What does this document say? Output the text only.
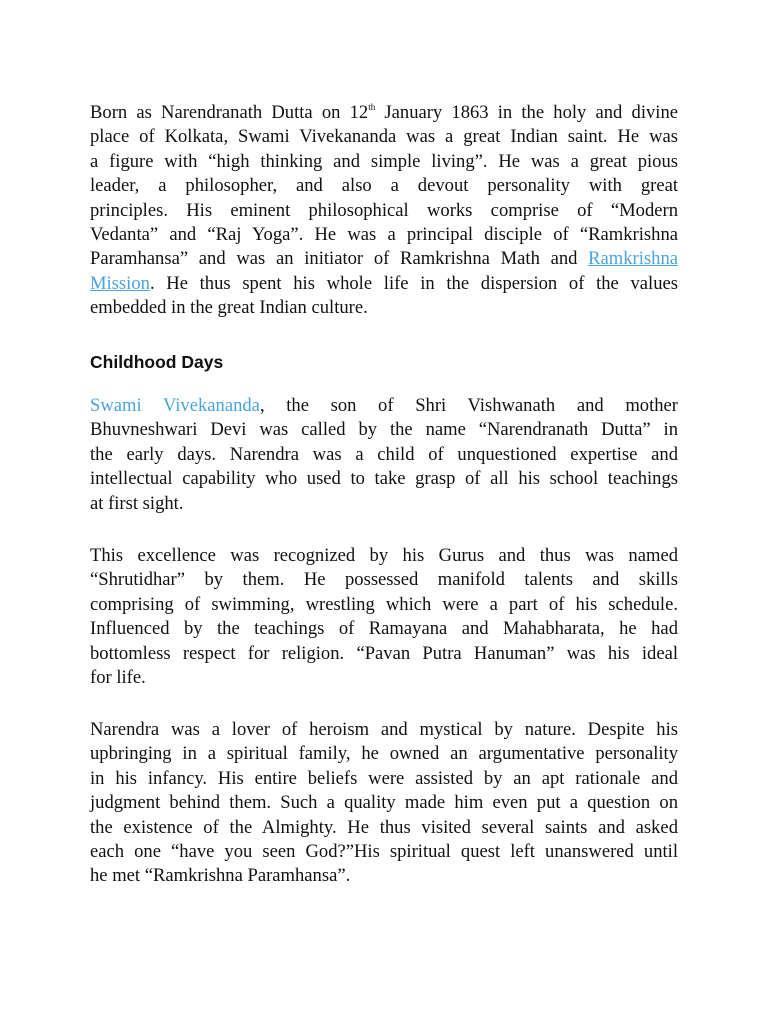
Born as Narendranath Dutta on 12th January 1863 in the holy and divine
place of Kolkata, Swami Vivekananda was a great Indian saint. He was
a figure with “high thinking and simple living”. He was a great pious
leader, a philosopher, and also a devout personality with great
principles. His eminent philosophical works comprise of “Modern
Vedanta” and “Raj Yoga”. He was a principal disciple of “Ramkrishna
Paramhansa” and was an initiator of Ramkrishna Math and Ramkrishna
Mission. He thus spent his whole life in the dispersion of the values
embedded in the great Indian culture.

Childhood Days

Swami Vivekananda, the son of Shri Vishwanath and mother
Bhuvneshwari Devi was called by the name “Narendranath Dutta” in
the early days. Narendra was a child of unquestioned expertise and
intellectual capability who used to take grasp of all his school teachings
at first sight.

This excellence was recognized by his Gurus and thus was named
“Shrutidhar” by them. He possessed manifold talents and skills
comprising of swimming, wrestling which were a part of his schedule.
Influenced by the teachings of Ramayana and Mahabharata, he had
bottomless respect for religion. “Pavan Putra Hanuman” was his ideal
for life.

Narendra was a lover of heroism and mystical by nature. Despite his
upbringing in a spiritual family, he owned an argumentative personality
in his infancy. His entire beliefs were assisted by an apt rationale and
judgment behind them. Such a quality made him even put a question on
the existence of the Almighty. He thus visited several saints and asked
each one “have you seen God?”His spiritual quest left unanswered until
he met “Ramkrishna Paramhansa”.
